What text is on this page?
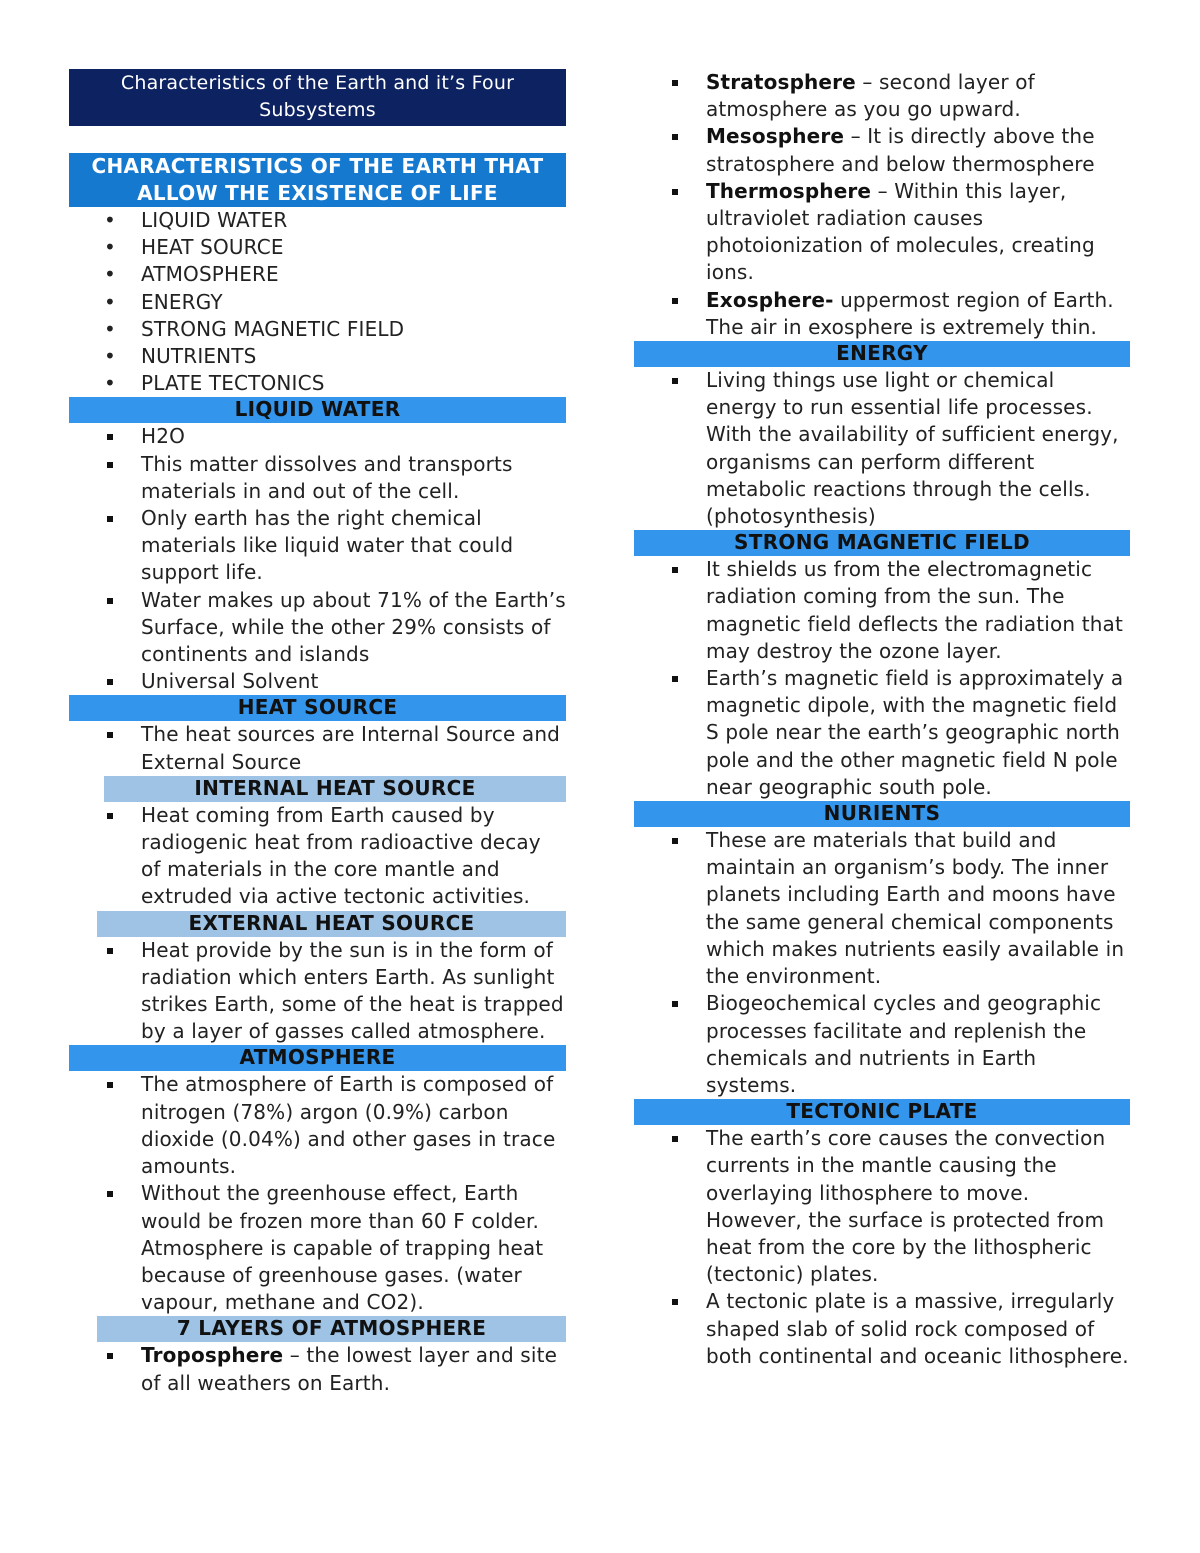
Characteristics of the Earth and it’s Four Subsystems
CHARACTERISTICS OF THE EARTH THAT ALLOW THE EXISTENCE OF LIFE
• LIQUID WATER
• HEAT SOURCE
• ATMOSPHERE
• ENERGY
• STRONG MAGNETIC FIELD
• NUTRIENTS
• PLATE TECTONICS
LIQUID WATER
H2O
This matter dissolves and transports materials in and out of the cell.
Only earth has the right chemical materials like liquid water that could support life.
Water makes up about 71% of the Earth’s Surface, while the other 29% consists of continents and islands
Universal Solvent
HEAT SOURCE
The heat sources are Internal Source and External Source
INTERNAL HEAT SOURCE
Heat coming from Earth caused by radiogenic heat from radioactive decay of materials in the core mantle and extruded via active tectonic activities.
EXTERNAL HEAT SOURCE
Heat provide by the sun is in the form of radiation which enters Earth. As sunlight strikes Earth, some of the heat is trapped by a layer of gasses called atmosphere.
ATMOSPHERE
The atmosphere of Earth is composed of nitrogen (78%) argon (0.9%) carbon dioxide (0.04%) and other gases in trace amounts.
Without the greenhouse effect, Earth would be frozen more than 60 F colder. Atmosphere is capable of trapping heat because of greenhouse gases. (water vapour, methane and CO2).
7 LAYERS OF ATMOSPHERE
Troposphere – the lowest layer and site of all weathers on Earth.
Stratosphere – second layer of atmosphere as you go upward.
Mesosphere – It is directly above the stratosphere and below thermosphere
Thermosphere – Within this layer, ultraviolet radiation causes photoionization of molecules, creating ions.
Exosphere- uppermost region of Earth. The air in exosphere is extremely thin.
ENERGY
Living things use light or chemical energy to run essential life processes. With the availability of sufficient energy, organisms can perform different metabolic reactions through the cells. (photosynthesis)
STRONG MAGNETIC FIELD
It shields us from the electromagnetic radiation coming from the sun. The magnetic field deflects the radiation that may destroy the ozone layer.
Earth’s magnetic field is approximately a magnetic dipole, with the magnetic field S pole near the earth’s geographic north pole and the other magnetic field N pole near geographic south pole.
NURIENTS
These are materials that build and maintain an organism’s body. The inner planets including Earth and moons have the same general chemical components which makes nutrients easily available in the environment.
Biogeochemical cycles and geographic processes facilitate and replenish the chemicals and nutrients in Earth systems.
TECTONIC PLATE
The earth’s core causes the convection currents in the mantle causing the overlaying lithosphere to move. However, the surface is protected from heat from the core by the lithospheric (tectonic) plates.
A tectonic plate is a massive, irregularly shaped slab of solid rock composed of both continental and oceanic lithosphere.
